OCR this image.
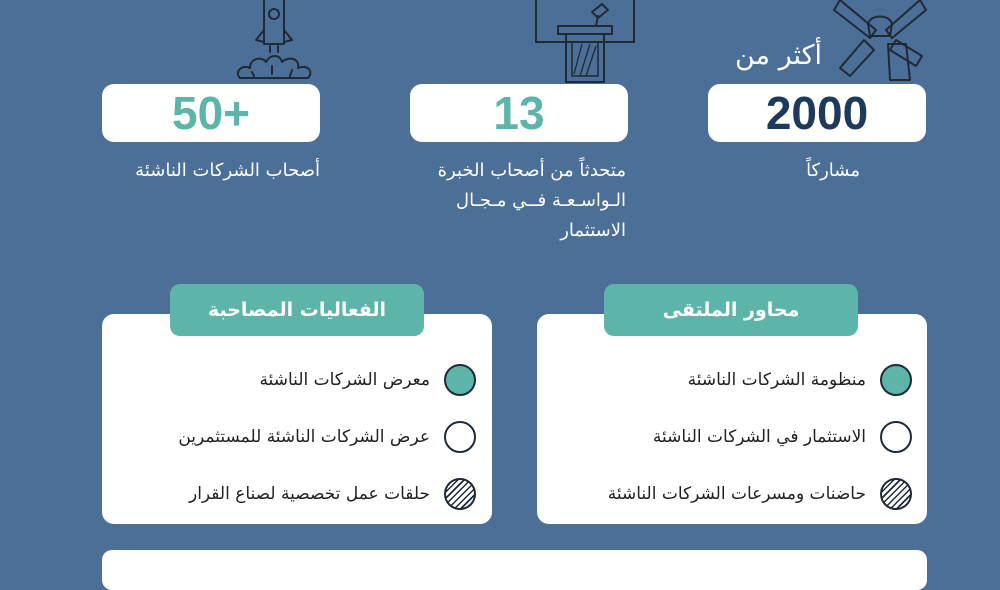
50+
أصحاب الشركات الناشئة
13
متحدثاً من أصحاب الخبرة
الـواسـعـة فــي مـجـال
الاستثمار
أكثر من
2000
مشاركاً
الفعاليات المصاحبة
معرض الشركات الناشئة
عرض الشركات الناشئة للمستثمرين
حلقات عمل تخصصية لصناع القرار
محاور الملتقى
منظومة الشركات الناشئة
الاستثمار في الشركات الناشئة
حاضنات ومسرعات الشركات الناشئة
